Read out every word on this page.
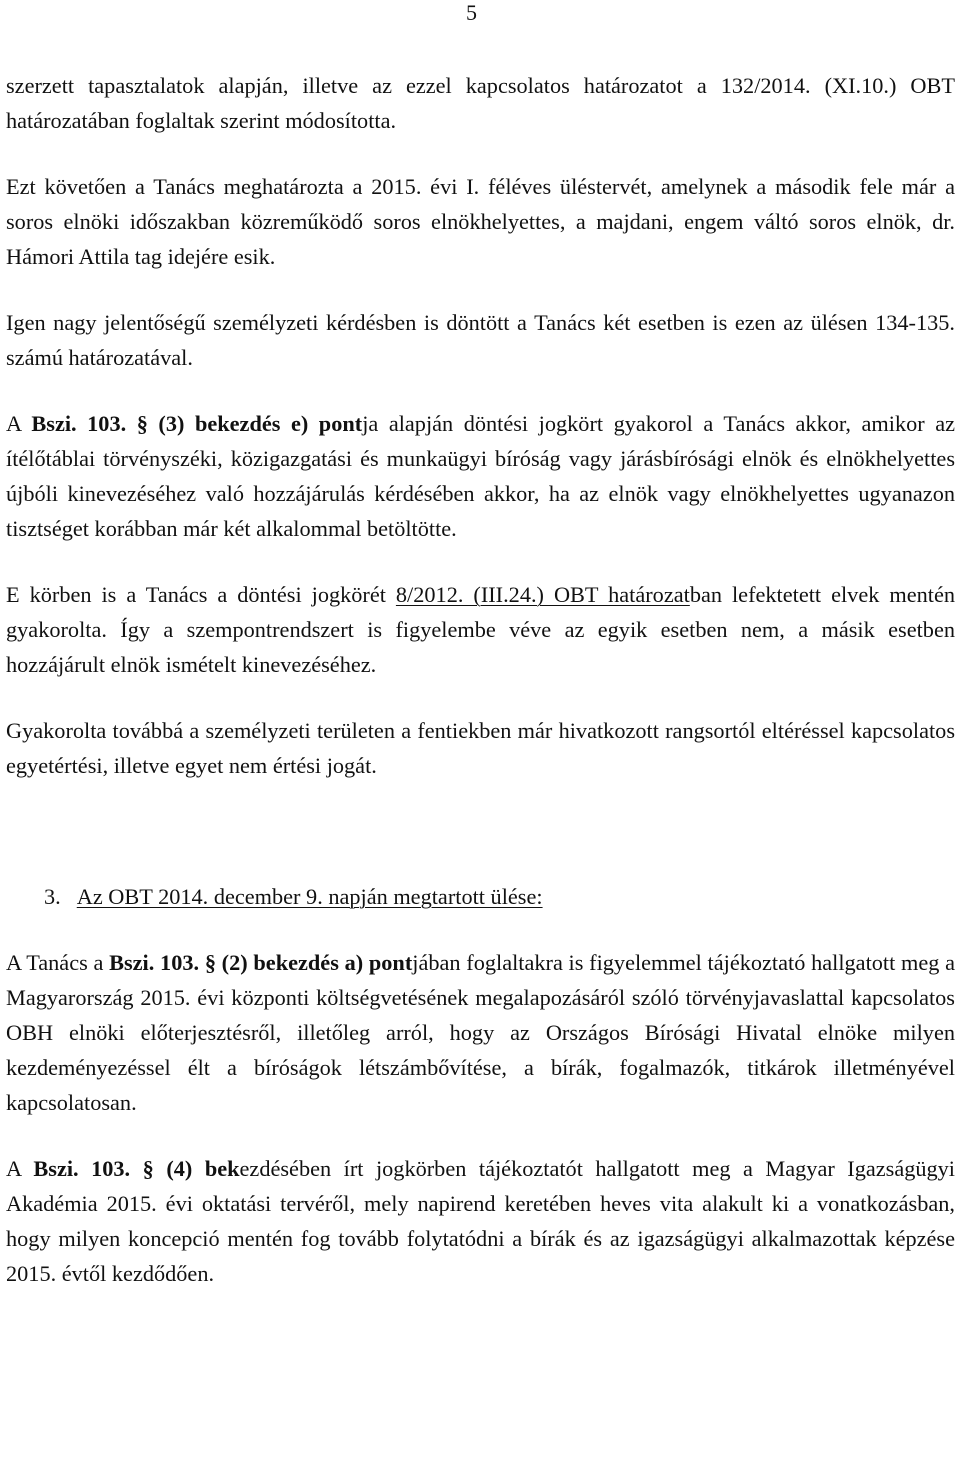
5

szerzett tapasztalatok alapján, illetve az ezzel kapcsolatos határozatot a 132/2014. (XI.10.) OBT határozatában foglaltak szerint módosította.

Ezt követően a Tanács meghatározta a 2015. évi I. féléves üléstervét, amelynek a második fele már a soros elnöki időszakban közreműködő soros elnökhelyettes, a majdani, engem váltó soros elnök, dr. Hámori Attila tag idejére esik.

Igen nagy jelentőségű személyzeti kérdésben is döntött a Tanács két esetben is ezen az ülésen 134-135. számú határozatával.

A Bszi. 103. § (3) bekezdés e) pontja alapján döntési jogkört gyakorol a Tanács akkor, amikor az ítélőtáblai törvényszéki, közigazgatási és munkaügyi bíróság vagy járásbírósági elnök és elnökhelyettes újbóli kinevezéséhez való hozzájárulás kérdésében akkor, ha az elnök vagy elnökhelyettes ugyanazon tisztséget korábban már két alkalommal betöltötte.

E körben is a Tanács a döntési jogkörét 8/2012. (III.24.) OBT határozatban lefektetett elvek mentén gyakorolta. Így a szempontrendszert is figyelembe véve az egyik esetben nem, a másik esetben hozzájárult elnök ismételt kinevezéséhez.

Gyakorolta továbbá a személyzeti területen a fentiekben már hivatkozott rangsortól eltéréssel kapcsolatos egyetértési, illetve egyet nem értési jogát.

3. Az OBT 2014. december 9. napján megtartott ülése:

A Tanács a Bszi. 103. § (2) bekezdés a) pontjában foglaltakra is figyelemmel tájékoztató hallgatott meg a Magyarország 2015. évi központi költségvetésének megalapozásáról szóló törvényjavaslattal kapcsolatos OBH elnöki előterjesztésről, illetőleg arról, hogy az Országos Bírósági Hivatal elnöke milyen kezdeményezéssel élt a bíróságok létszámbővítése, a bírák, fogalmazók, titkárok illetményével kapcsolatosan.

A Bszi. 103. § (4) bekezdésében írt jogkörben tájékoztatót hallgatott meg a Magyar Igazságügyi Akadémia 2015. évi oktatási tervéről, mely napirend keretében heves vita alakult ki a vonatkozásban, hogy milyen koncepció mentén fog tovább folytatódni a bírák és az igazságügyi alkalmazottak képzése 2015. évtől kezdődően.
